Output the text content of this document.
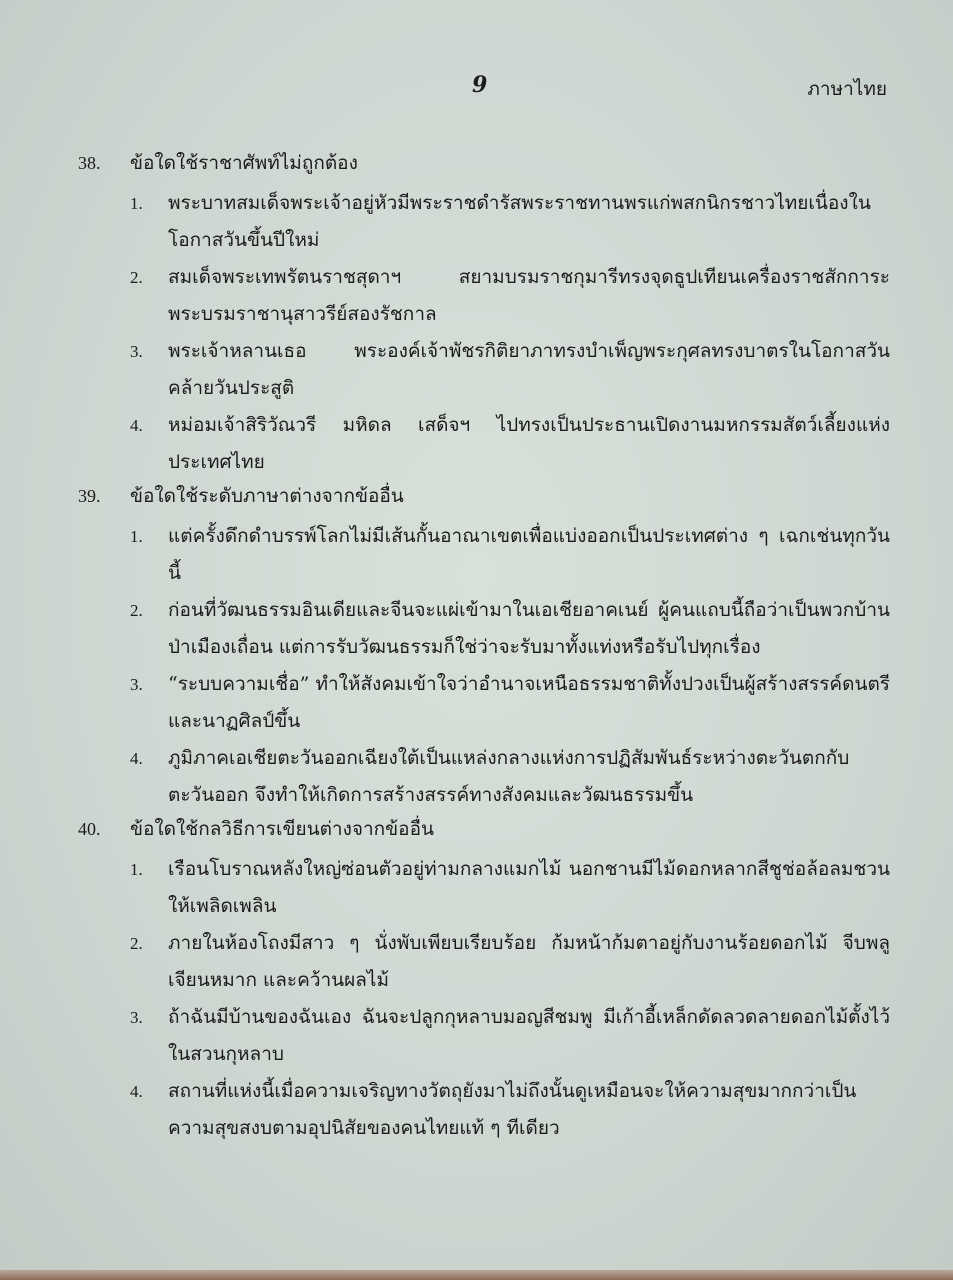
9	ภาษาไทย
38.	ข้อใดใช้ราชาศัพท์ไม่ถูกต้อง
1.	พระบาทสมเด็จพระเจ้าอยู่หัวมีพระราชดำรัสพระราชทานพรแก่พสกนิกรชาวไทยเนื่องในโอกาสวันขึ้นปีใหม่
2.	สมเด็จพระเทพรัตนราชสุดาฯ สยามบรมราชกุมารีทรงจุดธูปเทียนเครื่องราชสักการะพระบรมราชานุสาวรีย์สองรัชกาล
3.	พระเจ้าหลานเธอ พระองค์เจ้าพัชรกิติยาภาทรงบำเพ็ญพระกุศลทรงบาตรในโอกาสวันคล้ายวันประสูติ
4.	หม่อมเจ้าสิริวัณวรี มหิดล เสด็จฯ ไปทรงเป็นประธานเปิดงานมหกรรมสัตว์เลี้ยงแห่งประเทศไทย
39.	ข้อใดใช้ระดับภาษาต่างจากข้ออื่น
1.	แต่ครั้งดึกดำบรรพ์โลกไม่มีเส้นกั้นอาณาเขตเพื่อแบ่งออกเป็นประเทศต่าง ๆ เฉกเช่นทุกวันนี้
2.	ก่อนที่วัฒนธรรมอินเดียและจีนจะแผ่เข้ามาในเอเชียอาคเนย์ ผู้คนแถบนี้ถือว่าเป็นพวกบ้านป่าเมืองเถื่อน แต่การรับวัฒนธรรมก็ใช่ว่าจะรับมาทั้งแท่งหรือรับไปทุกเรื่อง
3.	“ระบบความเชื่อ” ทำให้สังคมเข้าใจว่าอำนาจเหนือธรรมชาติทั้งปวงเป็นผู้สร้างสรรค์ดนตรีและนาฏศิลป์ขึ้น
4.	ภูมิภาคเอเชียตะวันออกเฉียงใต้เป็นแหล่งกลางแห่งการปฏิสัมพันธ์ระหว่างตะวันตกกับตะวันออก จึงทำให้เกิดการสร้างสรรค์ทางสังคมและวัฒนธรรมขึ้น
40.	ข้อใดใช้กลวิธีการเขียนต่างจากข้ออื่น
1.	เรือนโบราณหลังใหญ่ซ่อนตัวอยู่ท่ามกลางแมกไม้ นอกชานมีไม้ดอกหลากสีชูช่อล้อลมชวนให้เพลิดเพลิน
2.	ภายในห้องโถงมีสาว ๆ นั่งพับเพียบเรียบร้อย ก้มหน้าก้มตาอยู่กับงานร้อยดอกไม้ จีบพลูเจียนหมาก และคว้านผลไม้
3.	ถ้าฉันมีบ้านของฉันเอง ฉันจะปลูกกุหลาบมอญสีชมพู มีเก้าอี้เหล็กดัดลวดลายดอกไม้ตั้งไว้ในสวนกุหลาบ
4.	สถานที่แห่งนี้เมื่อความเจริญทางวัตถุยังมาไม่ถึงนั้นดูเหมือนจะให้ความสุขมากกว่าเป็นความสุขสงบตามอุปนิสัยของคนไทยแท้ ๆ ทีเดียว
